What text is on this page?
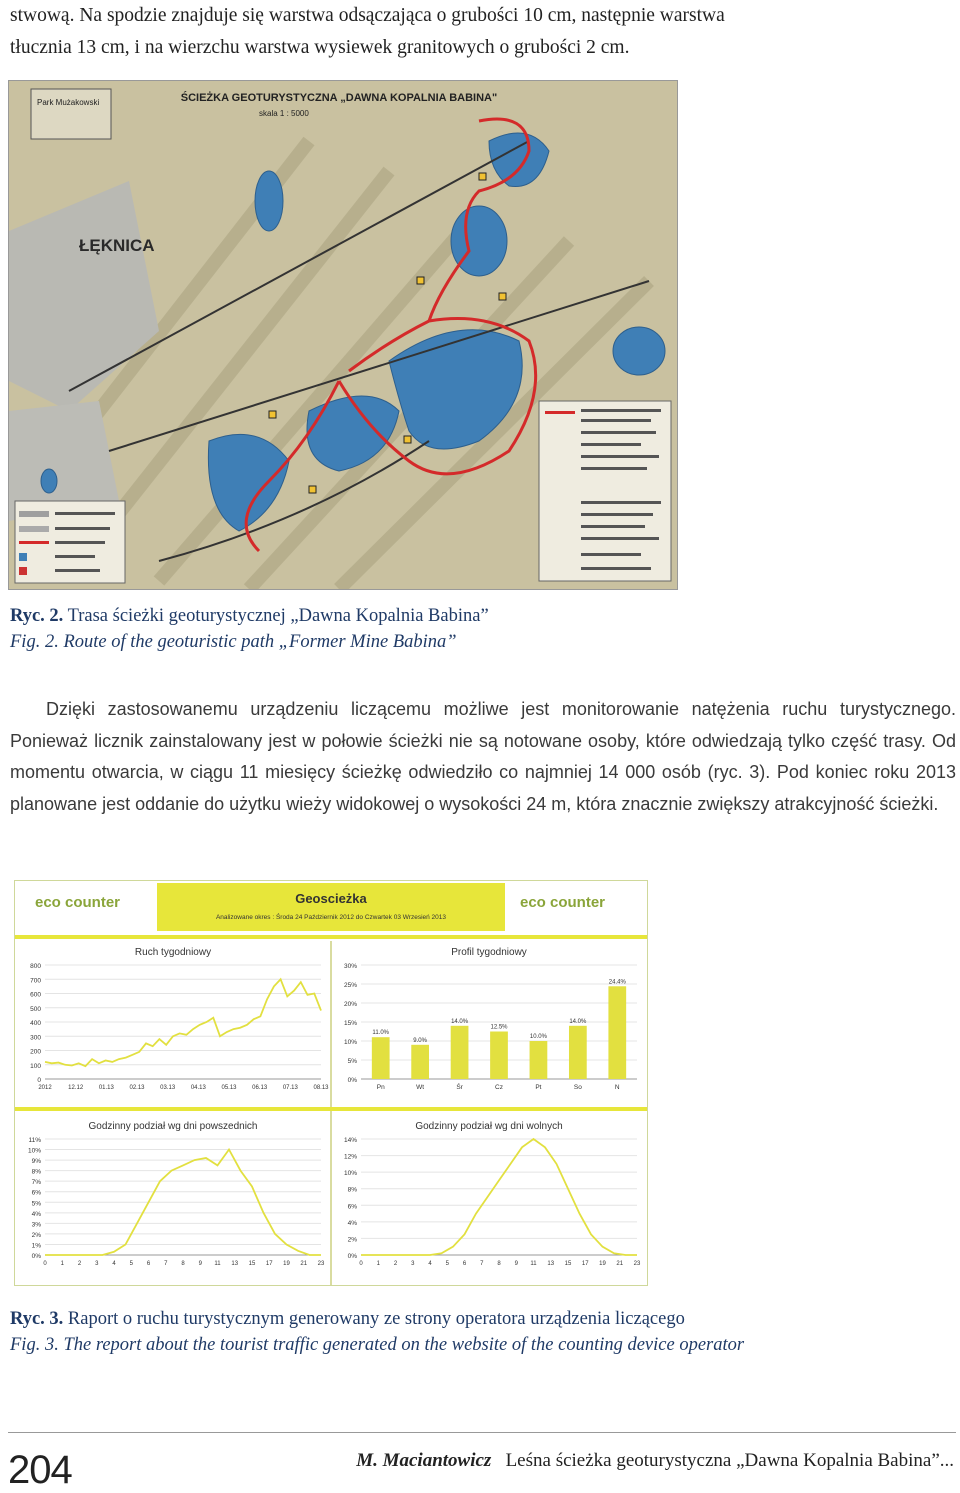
stwową. Na spodzie znajduje się warstwa odsączająca o grubości 10 cm, następnie warstwa
tłucznia 13 cm, i na wierzchu warstwa wysiewek granitowych o grubości 2 cm.
ŚCIEŻKA GEOTURYSTYCZNA „DAWNA KOPALNIA BABINA"
skala 1 : 5000
Park Mużakowski
ŁĘKNICA
Ryc. 2. Trasa ścieżki geoturystycznej „Dawna Kopalnia Babina”
Fig. 2. Route of the geoturistic path „Former Mine Babina”
Dzięki zastosowanemu urządzeniu liczącemu możliwe jest monitorowanie natężenia ruchu turystycznego. Ponieważ licznik zainstalowany jest w połowie ścieżki nie są notowane osoby, które odwiedzają tylko część trasy. Od momentu otwarcia, w ciągu 11 miesięcy ścieżkę odwiedziło co najmniej 14 000 osób (ryc. 3). Pod koniec roku 2013 planowane jest oddanie do użytku wieży widokowej o wysokości 24 m, która znacznie zwiększy atrakcyjność ścieżki.
eco counter	eco counter
Geoscieżka
Analizowane okres : Środa 24 Październik 2012 do Czwartek 03 Wrzesień 2013
Ruch tygodniowy
800
700
600
500
400
300
200
100
0
2012	12.12	01.13	02.13	03.13	04.13	05.13	06.13	07.13	08.13
Profil tygodniowy
30%
25%
20%
15%
10%
5%
0%
11.0%
Pn
9.0%
Wt
14.0%
Śr
12.5%
Cz
10.0%
Pt
14.0%
So
24.4%
N
Godzinny podział wg dni powszednich
11%
10%
9%
8%
7%
6%
5%
4%
3%
2%
1%
0%
0 1 2 3 4 5 6 7 8 9 11 13 15 17 19 21 23
Godzinny podział wg dni wolnych
14%
12%
10%
8%
6%
4%
2%
0%
0 1 2 3 4 5 6 7 8 9 11 13 15 17 19 21 23
Ryc. 3. Raport o ruchu turystycznym generowany ze strony operatora urządzenia liczącego
Fig. 3. The report about the tourist traffic generated on the website of the counting device operator
204	M. Maciantowicz Leśna ścieżka geoturystyczna „Dawna Kopalnia Babina”...
